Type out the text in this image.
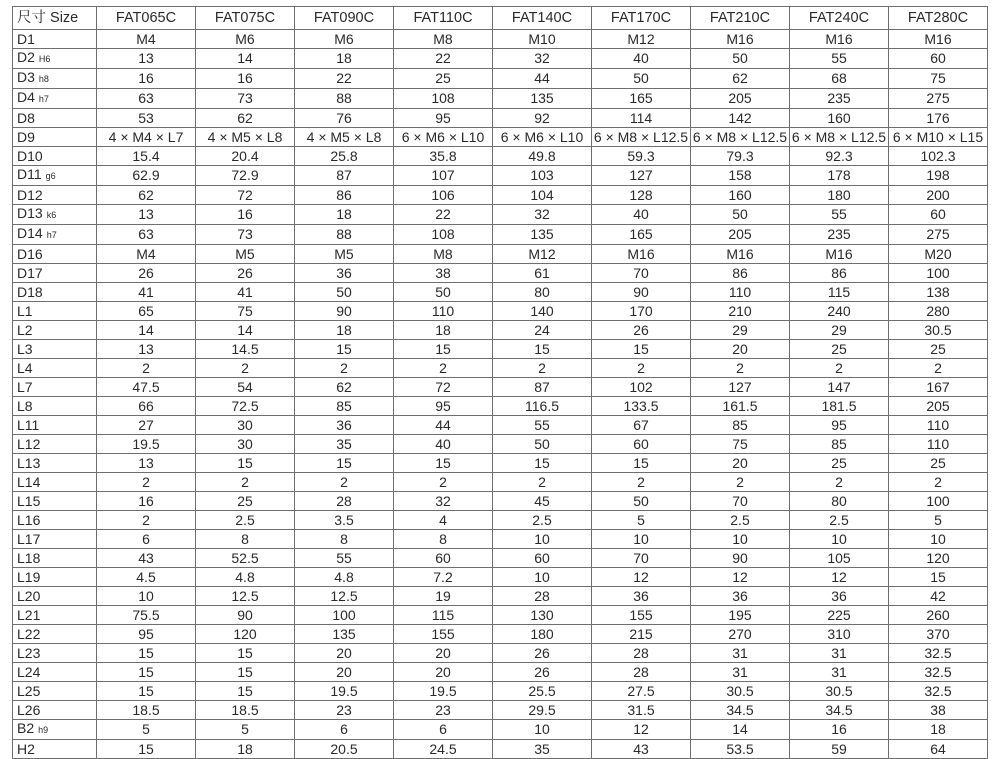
尺寸 Size	FAT065C	FAT075C	FAT090C	FAT110C	FAT140C	FAT170C	FAT210C	FAT240C	FAT280C
D1	M4	M6	M6	M8	M10	M12	M16	M16	M16
D2 H6	13	14	18	22	32	40	50	55	60
D3 h8	16	16	22	25	44	50	62	68	75
D4 h7	63	73	88	108	135	165	205	235	275
D8	53	62	76	95	92	114	142	160	176
D9	4 × M4 × L7	4 × M5 × L8	4 × M5 × L8	6 × M6 × L10	6 × M6 × L10	6 × M8 × L12.5	6 × M8 × L12.5	6 × M8 × L12.5	6 × M10 × L15
D10	15.4	20.4	25.8	35.8	49.8	59.3	79.3	92.3	102.3
D11 g6	62.9	72.9	87	107	103	127	158	178	198
D12	62	72	86	106	104	128	160	180	200
D13 k6	13	16	18	22	32	40	50	55	60
D14 h7	63	73	88	108	135	165	205	235	275
D16	M4	M5	M5	M8	M12	M16	M16	M16	M20
D17	26	26	36	38	61	70	86	86	100
D18	41	41	50	50	80	90	110	115	138
L1	65	75	90	110	140	170	210	240	280
L2	14	14	18	18	24	26	29	29	30.5
L3	13	14.5	15	15	15	15	20	25	25
L4	2	2	2	2	2	2	2	2	2
L7	47.5	54	62	72	87	102	127	147	167
L8	66	72.5	85	95	116.5	133.5	161.5	181.5	205
L11	27	30	36	44	55	67	85	95	110
L12	19.5	30	35	40	50	60	75	85	110
L13	13	15	15	15	15	15	20	25	25
L14	2	2	2	2	2	2	2	2	2
L15	16	25	28	32	45	50	70	80	100
L16	2	2.5	3.5	4	2.5	5	2.5	2.5	5
L17	6	8	8	8	10	10	10	10	10
L18	43	52.5	55	60	60	70	90	105	120
L19	4.5	4.8	4.8	7.2	10	12	12	12	15
L20	10	12.5	12.5	19	28	36	36	36	42
L21	75.5	90	100	115	130	155	195	225	260
L22	95	120	135	155	180	215	270	310	370
L23	15	15	20	20	26	28	31	31	32.5
L24	15	15	20	20	26	28	31	31	32.5
L25	15	15	19.5	19.5	25.5	27.5	30.5	30.5	32.5
L26	18.5	18.5	23	23	29.5	31.5	34.5	34.5	38
B2 h9	5	5	6	6	10	12	14	16	18
H2	15	18	20.5	24.5	35	43	53.5	59	64
